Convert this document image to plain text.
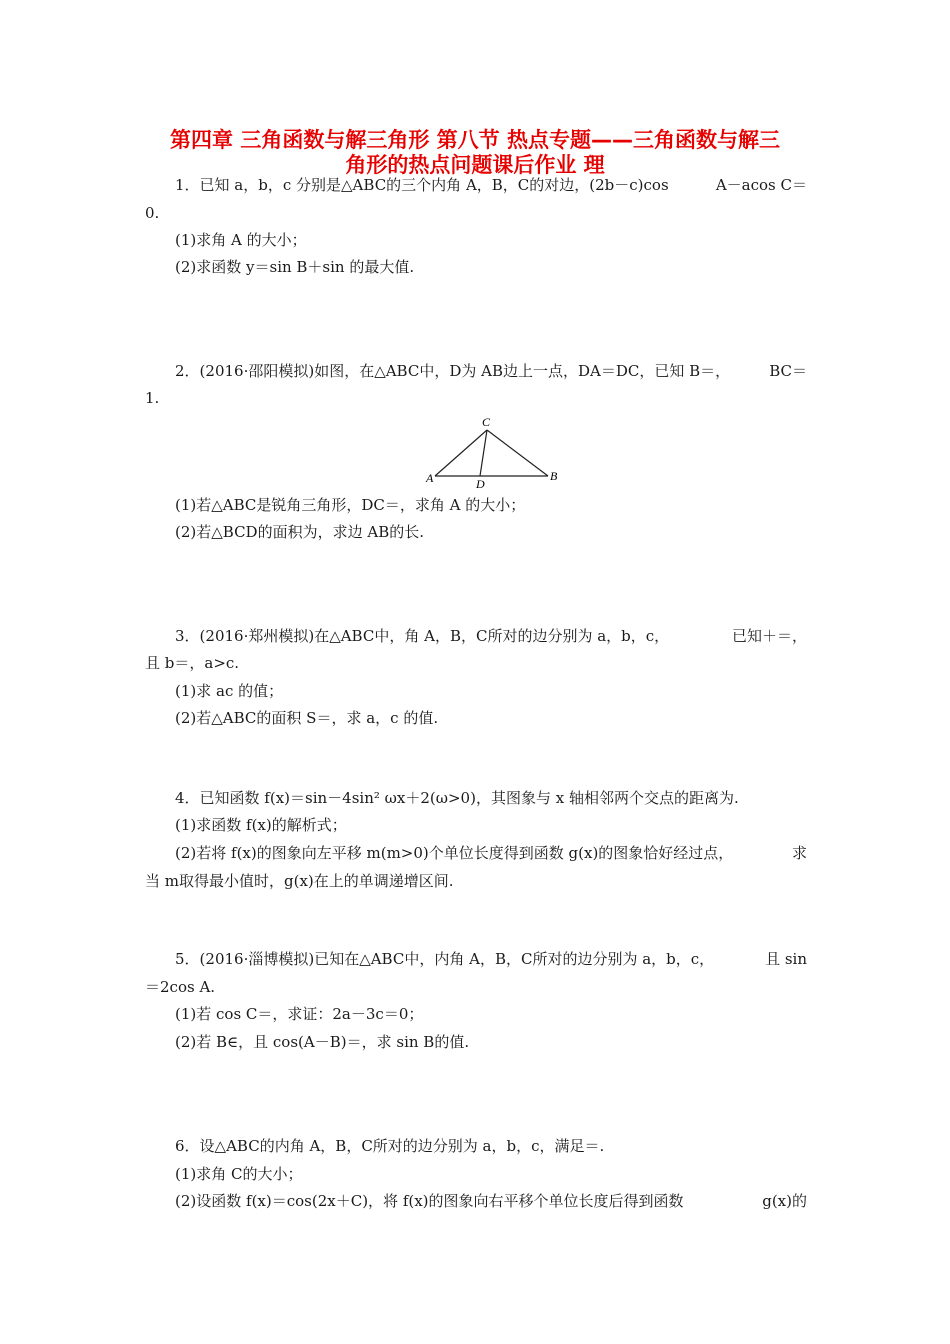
第四章 三角函数与解三角形 第八节 热点专题——三角函数与解三
角形的热点问题课后作业 理
1．已知 a，b，c 分别是△ABC的三个内角 A，B，C的对边，(2b－c)cos	A－acos C＝
0.
(1)求角 A 的大小；
(2)求函数 y＝sin B＋sin 的最大值.
2．(2016·邵阳模拟)如图，在△ABC中，D为 AB边上一点，DA＝DC，已知 B＝，	BC＝
1.
C
A	D
B
(1)若△ABC是锐角三角形，DC＝，求角 A 的大小；
(2)若△BCD的面积为，求边 AB的长.
3．(2016·郑州模拟)在△ABC中，角 A，B，C所对的边分别为 a，b，c，	已知＋＝，
且 b＝，a>c.
(1)求 ac 的值；
(2)若△ABC的面积 S＝，求 a，c 的值.
4．已知函数 f(x)＝sin－4sin² ωx＋2(ω>0)，其图象与 x 轴相邻两个交点的距离为.
(1)求函数 f(x)的解析式；
(2)若将 f(x)的图象向左平移 m(m>0)个单位长度得到函数 g(x)的图象恰好经过点，	求
当 m取得最小值时，g(x)在上的单调递增区间.
5．(2016·淄博模拟)已知在△ABC中，内角 A，B，C所对的边分别为 a，b，c，	且 sin
＝2cos A.
(1)若 cos C＝，求证：2a－3c＝0；
(2)若 B∈，且 cos(A－B)＝，求 sin B的值.
6．设△ABC的内角 A，B，C所对的边分别为 a，b，c，满足＝.
(1)求角 C的大小；
(2)设函数 f(x)＝cos(2x＋C)，将 f(x)的图象向右平移个单位长度后得到函数	g(x)的
